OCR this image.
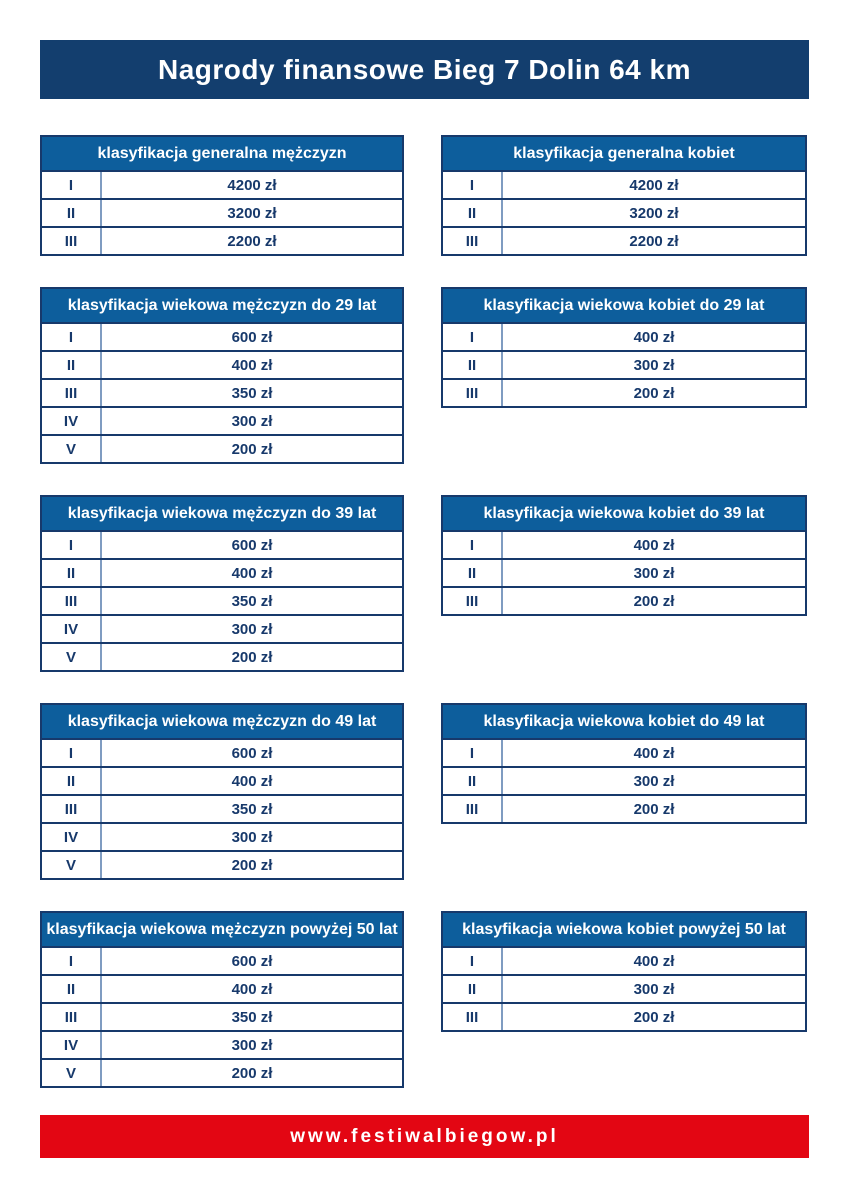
Nagrody finansowe Bieg 7 Dolin 64 km
klasyfikacja generalna mężczyzn
I	4200 zł
II	3200 zł
III	2200 zł
klasyfikacja generalna kobiet
I	4200 zł
II	3200 zł
III	2200 zł
klasyfikacja wiekowa mężczyzn do 29 lat
I	600 zł
II	400 zł
III	350 zł
IV	300 zł
V	200 zł
klasyfikacja wiekowa kobiet do 29 lat
I	400 zł
II	300 zł
III	200 zł
klasyfikacja wiekowa mężczyzn do 39 lat
I	600 zł
II	400 zł
III	350 zł
IV	300 zł
V	200 zł
klasyfikacja wiekowa kobiet do 39 lat
I	400 zł
II	300 zł
III	200 zł
klasyfikacja wiekowa mężczyzn do 49 lat
I	600 zł
II	400 zł
III	350 zł
IV	300 zł
V	200 zł
klasyfikacja wiekowa kobiet do 49 lat
I	400 zł
II	300 zł
III	200 zł
klasyfikacja wiekowa mężczyzn powyżej 50 lat
I	600 zł
II	400 zł
III	350 zł
IV	300 zł
V	200 zł
klasyfikacja wiekowa kobiet powyżej 50 lat
I	400 zł
II	300 zł
III	200 zł
www.festiwalbiegow.pl
